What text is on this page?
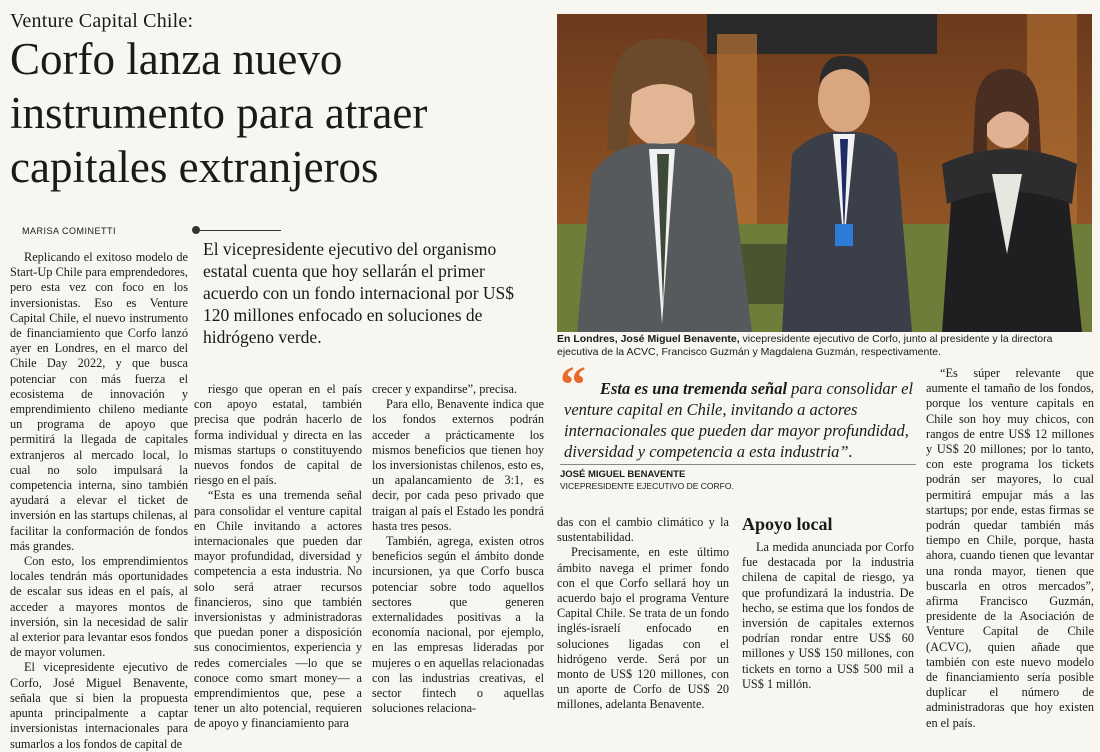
Venture Capital Chile:
Corfo lanza nuevo instrumento para atraer capitales extranjeros
MARISA COMINETTI
El vicepresidente ejecutivo del organismo estatal cuenta que hoy sellarán el primer acuerdo con un fondo internacional por US$ 120 millones enfocado en soluciones de hidrógeno verde.

Replicando el exitoso modelo de Start-Up Chile para emprendedores, pero esta vez con foco en los inversionistas. Eso es Venture Capital Chile, el nuevo instrumento de financiamiento que Corfo lanzó ayer en Londres, en el marco del Chile Day 2022, y que busca potenciar con más fuerza el ecosistema de innovación y emprendimiento chileno mediante un programa de apoyo que permitirá la llegada de capitales extranjeros al mercado local, lo cual no solo impulsará la competencia interna, sino también ayudará a elevar el ticket de inversión en las startups chilenas, al facilitar la conformación de fondos más grandes.

Con esto, los emprendimientos locales tendrán más oportunidades de escalar sus ideas en el país, al acceder a mayores montos de inversión, sin la necesidad de salir al exterior para levantar esos fondos de mayor volumen.

El vicepresidente ejecutivo de Corfo, José Miguel Benavente, señala que si bien la propuesta apunta principalmente a captar inversionistas internacionales para sumarlos a los fondos de capital de

riesgo que operan en el país con apoyo estatal, también precisa que podrán hacerlo de forma individual y directa en las mismas startups o constituyendo nuevos fondos de capital de riesgo en el país.

“Esta es una tremenda señal para consolidar el venture capital en Chile invitando a actores internacionales que pueden dar mayor profundidad, diversidad y competencia a esta industria. No solo será atraer recursos financieros, sino que también inversionistas y administradoras que puedan poner a disposición sus conocimientos, experiencia y redes comerciales —lo que se conoce como smart money— a emprendimientos que, pese a tener un alto potencial, requieren de apoyo y financiamiento para

crecer y expandirse”, precisa.

Para ello, Benavente indica que los fondos externos podrán acceder a prácticamente los mismos beneficios que tienen hoy los inversionistas chilenos, esto es, un apalancamiento de 3:1, es decir, por cada peso privado que traigan al país el Estado les pondrá hasta tres pesos.

También, agrega, existen otros beneficios según el ámbito donde incursionen, ya que Corfo busca potenciar sobre todo aquellos sectores que generen externalidades positivas a la economía nacional, por ejemplo, en las empresas lideradas por mujeres o en aquellas relacionadas con las industrias creativas, el sector fintech o aquellas soluciones relaciona-

das con el cambio climático y la sustentabilidad.

Precisamente, en este último ámbito navega el primer fondo con el que Corfo sellará hoy un acuerdo bajo el programa Venture Capital Chile. Se trata de un fondo inglés-israelí enfocado en soluciones ligadas con el hidrógeno verde. Será por un monto de US$ 120 millones, con un aporte de Corfo de US$ 20 millones, adelanta Benavente.

Apoyo local

La medida anunciada por Corfo fue destacada por la industria chilena de capital de riesgo, ya que profundizará la industria. De hecho, se estima que los fondos de inversión de capitales externos podrían rondar entre US$ 60 millones y US$ 150 millones, con tickets en torno a US$ 500 mil a US$ 1 millón.

“Es súper relevante que aumente el tamaño de los fondos, porque los venture capitals en Chile son hoy muy chicos, con rangos de entre US$ 12 millones y US$ 20 millones; por lo tanto, con este programa los tickets podrán ser mayores, lo cual permitirá empujar más a las startups; por ende, estas firmas se podrán quedar también más tiempo en Chile, porque, hasta ahora, cuando tienen que levantar una ronda mayor, tienen que buscarla en otros mercados”, afirma Francisco Guzmán, presidente de la Asociación de Venture Capital de Chile (ACVC), quien añade que también con este nuevo modelo de financiamiento sería posible duplicar el número de administradoras que hoy existen en el país.

En Londres, José Miguel Benavente, vicepresidente ejecutivo de Corfo, junto al presidente y la directora ejecutiva de la ACVC, Francisco Guzmán y Magdalena Guzmán, respectivamente.
“ Esta es una tremenda señal para consolidar el venture capital en Chile, invitando a actores internacionales que pueden dar mayor profundidad, diversidad y competencia a esta industria”.
JOSÉ MIGUEL BENAVENTE
VICEPRESIDENTE EJECUTIVO DE CORFO.
